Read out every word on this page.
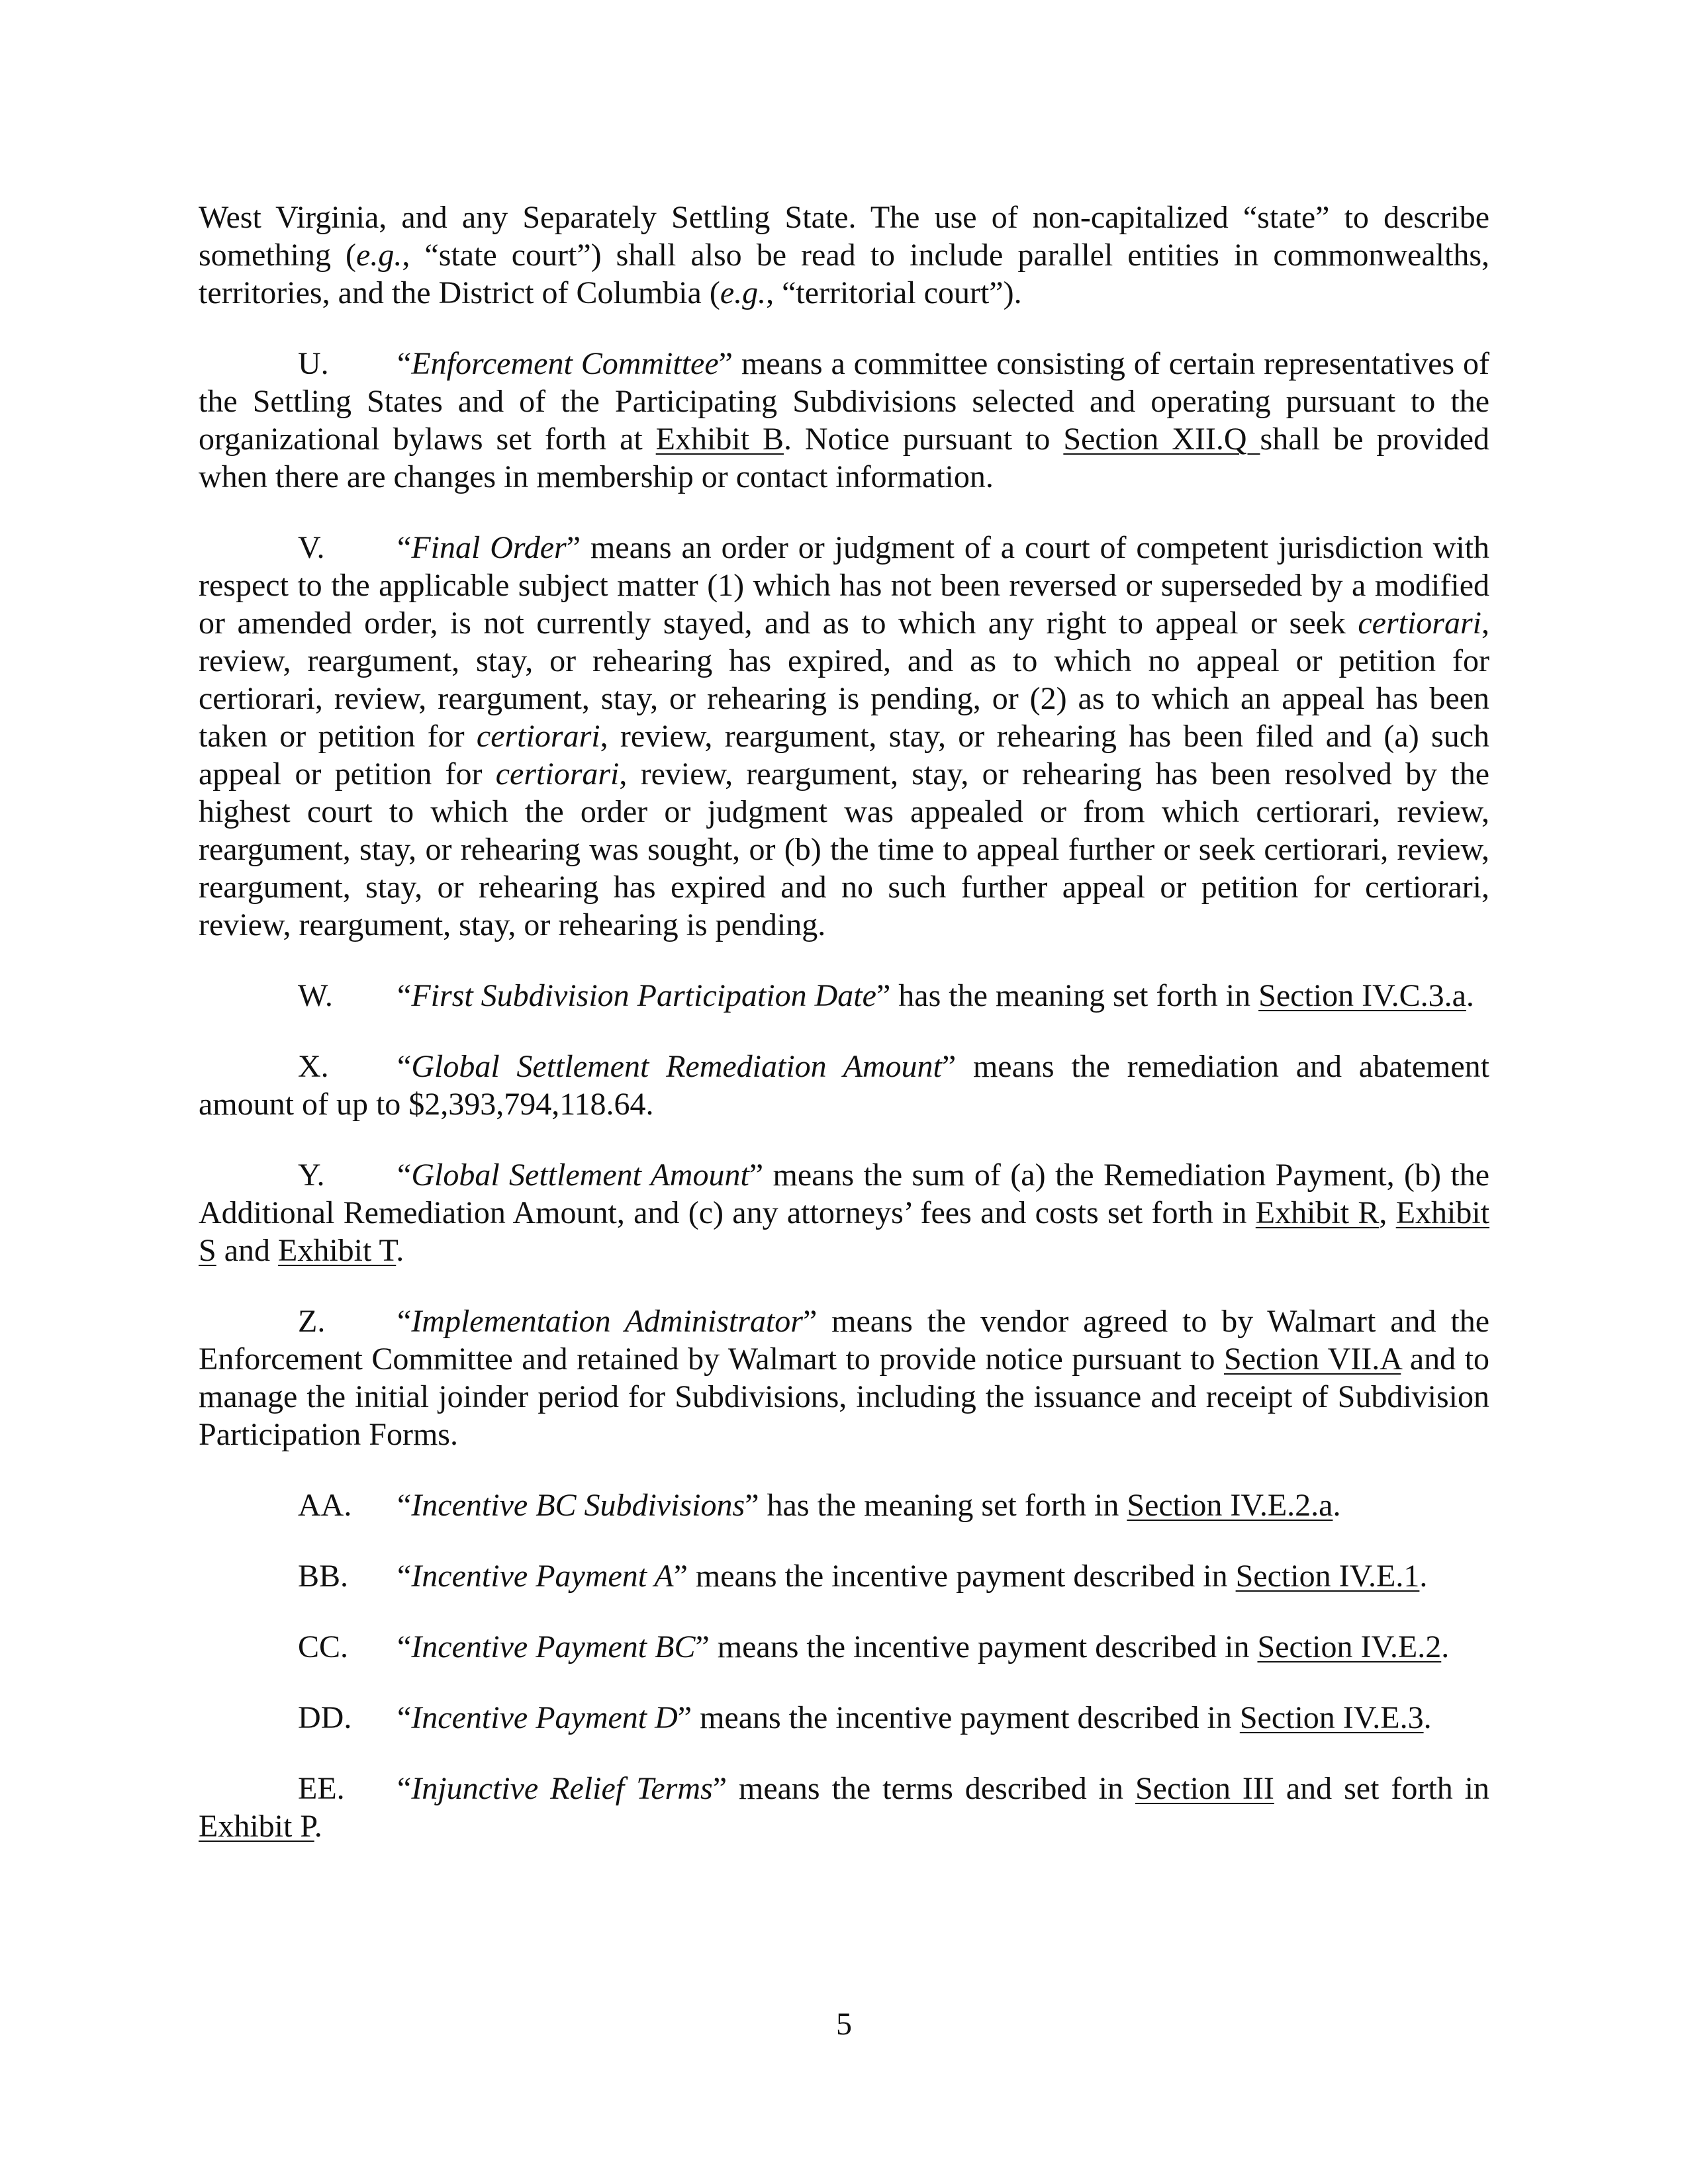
West Virginia, and any Separately Settling State. The use of non-capitalized “state” to describe something (e.g., “state court”) shall also be read to include parallel entities in commonwealths, territories, and the District of Columbia (e.g., “territorial court”).

U. “Enforcement Committee” means a committee consisting of certain representatives of the Settling States and of the Participating Subdivisions selected and operating pursuant to the organizational bylaws set forth at Exhibit B. Notice pursuant to Section XII.Q shall be provided when there are changes in membership or contact information.

V. “Final Order” means an order or judgment of a court of competent jurisdiction with respect to the applicable subject matter (1) which has not been reversed or superseded by a modified or amended order, is not currently stayed, and as to which any right to appeal or seek certiorari, review, reargument, stay, or rehearing has expired, and as to which no appeal or petition for certiorari, review, reargument, stay, or rehearing is pending, or (2) as to which an appeal has been taken or petition for certiorari, review, reargument, stay, or rehearing has been filed and (a) such appeal or petition for certiorari, review, reargument, stay, or rehearing has been resolved by the highest court to which the order or judgment was appealed or from which certiorari, review, reargument, stay, or rehearing was sought, or (b) the time to appeal further or seek certiorari, review, reargument, stay, or rehearing has expired and no such further appeal or petition for certiorari, review, reargument, stay, or rehearing is pending.

W. “First Subdivision Participation Date” has the meaning set forth in Section IV.C.3.a.

X. “Global Settlement Remediation Amount” means the remediation and abatement amount of up to $2,393,794,118.64.

Y. “Global Settlement Amount” means the sum of (a) the Remediation Payment, (b) the Additional Remediation Amount, and (c) any attorneys’ fees and costs set forth in Exhibit R, Exhibit S and Exhibit T.

Z. “Implementation Administrator” means the vendor agreed to by Walmart and the Enforcement Committee and retained by Walmart to provide notice pursuant to Section VII.A and to manage the initial joinder period for Subdivisions, including the issuance and receipt of Subdivision Participation Forms.

AA. “Incentive BC Subdivisions” has the meaning set forth in Section IV.E.2.a.

BB. “Incentive Payment A” means the incentive payment described in Section IV.E.1.

CC. “Incentive Payment BC” means the incentive payment described in Section IV.E.2.

DD. “Incentive Payment D” means the incentive payment described in Section IV.E.3.

EE. “Injunctive Relief Terms” means the terms described in Section III and set forth in Exhibit P.

5
